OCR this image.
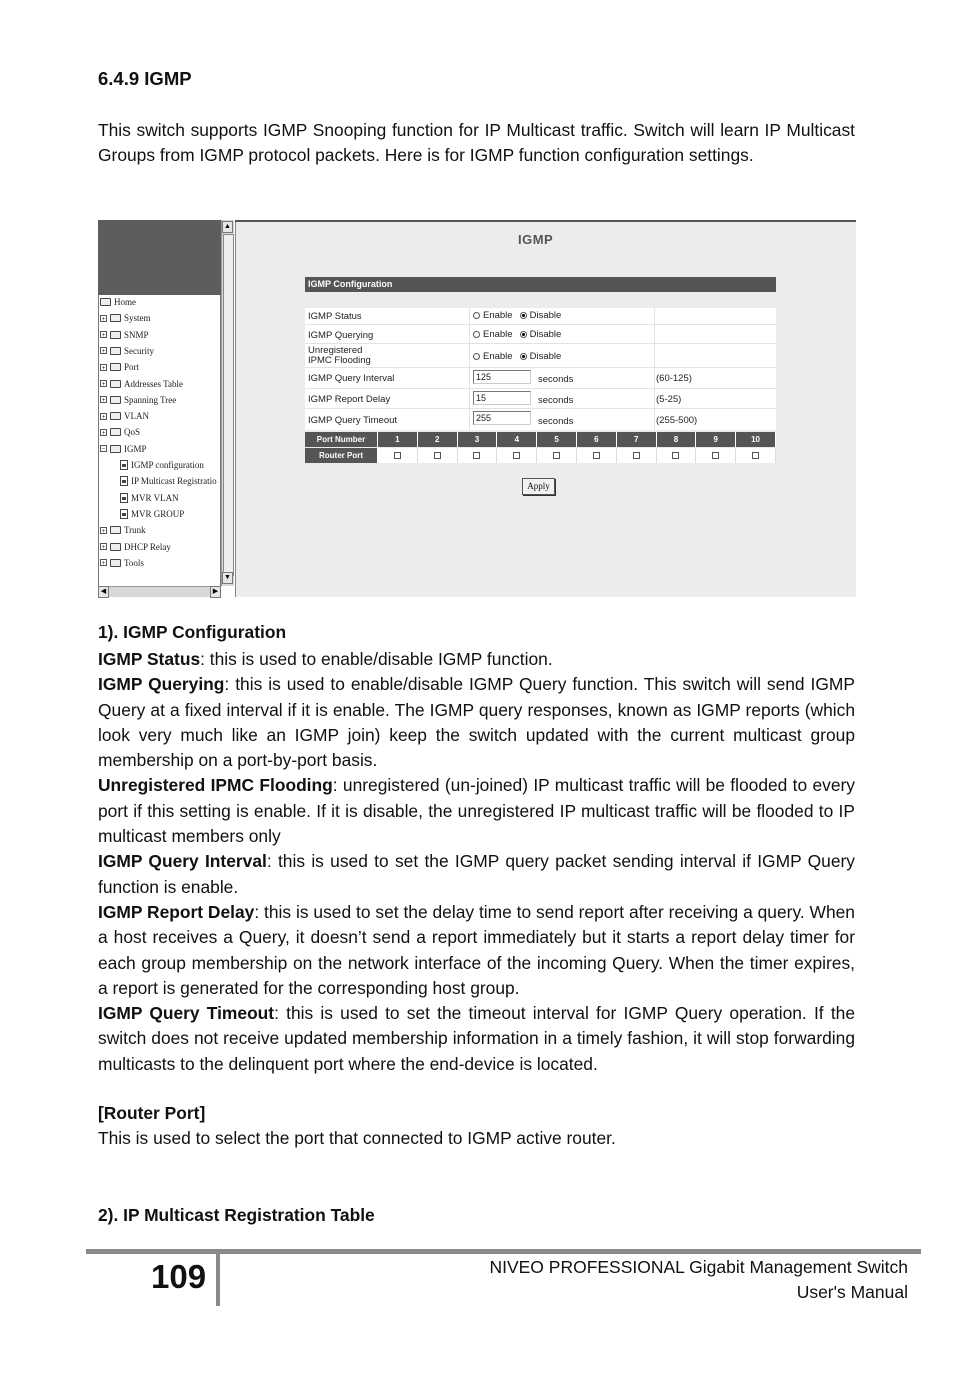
6.4.9 IGMP
This switch supports IGMP Snooping function for IP Multicast traffic. Switch will learn IP Multicast Groups from IGMP protocol packets. Here is for IGMP function configuration settings.
Home
+ System
+ SNMP
+ Security
+ Port
+ Addresses Table
+ Spanning Tree
+ VLAN
+ QoS
− IGMP
IGMP configuration
IP Multicast Registratio
MVR VLAN
MVR GROUP
+ Trunk
+ DHCP Relay
+ Tools
▲
▼
◀	▶
IGMP
IGMP Configuration
IGMP Status	Enable Disable
IGMP Querying	Enable Disable
Unregistered
IPMC Flooding	Enable Disable
IGMP Query Interval	125	seconds	(60-125)
IGMP Report Delay	15	seconds	(5-25)
IGMP Query Timeout	255	seconds	(255-500)
Port Number	1	2	3	4	5	6	7	8	9	10
Router Port
Apply
1). IGMP Configuration
IGMP Status: this is used to enable/disable IGMP function.
IGMP Querying: this is used to enable/disable IGMP Query function. This switch will send IGMP Query at a fixed interval if it is enable. The IGMP query responses, known as IGMP reports (which look very much like an IGMP join) keep the switch updated with the current multicast group membership on a port-by-port basis.
Unregistered IPMC Flooding: unregistered (un-joined) IP multicast traffic will be flooded to every port if this setting is enable. If it is disable, the unregistered IP multicast traffic will be flooded to IP multicast members only
IGMP Query Interval: this is used to set the IGMP query packet sending interval if IGMP Query function is enable.
IGMP Report Delay: this is used to set the delay time to send report after receiving a query. When a host receives a Query, it doesn’t send a report immediately but it starts a report delay timer for each group membership on the network interface of the incoming Query. When the timer expires, a report is generated for the corresponding host group.
IGMP Query Timeout: this is used to set the timeout interval for IGMP Query operation. If the switch does not receive updated membership information in a timely fashion, it will stop forwarding multicasts to the delinquent port where the end-device is located.
[Router Port]
This is used to select the port that connected to IGMP active router.
2). IP Multicast Registration Table
109	NIVEO PROFESSIONAL Gigabit Management Switch
User's Manual
